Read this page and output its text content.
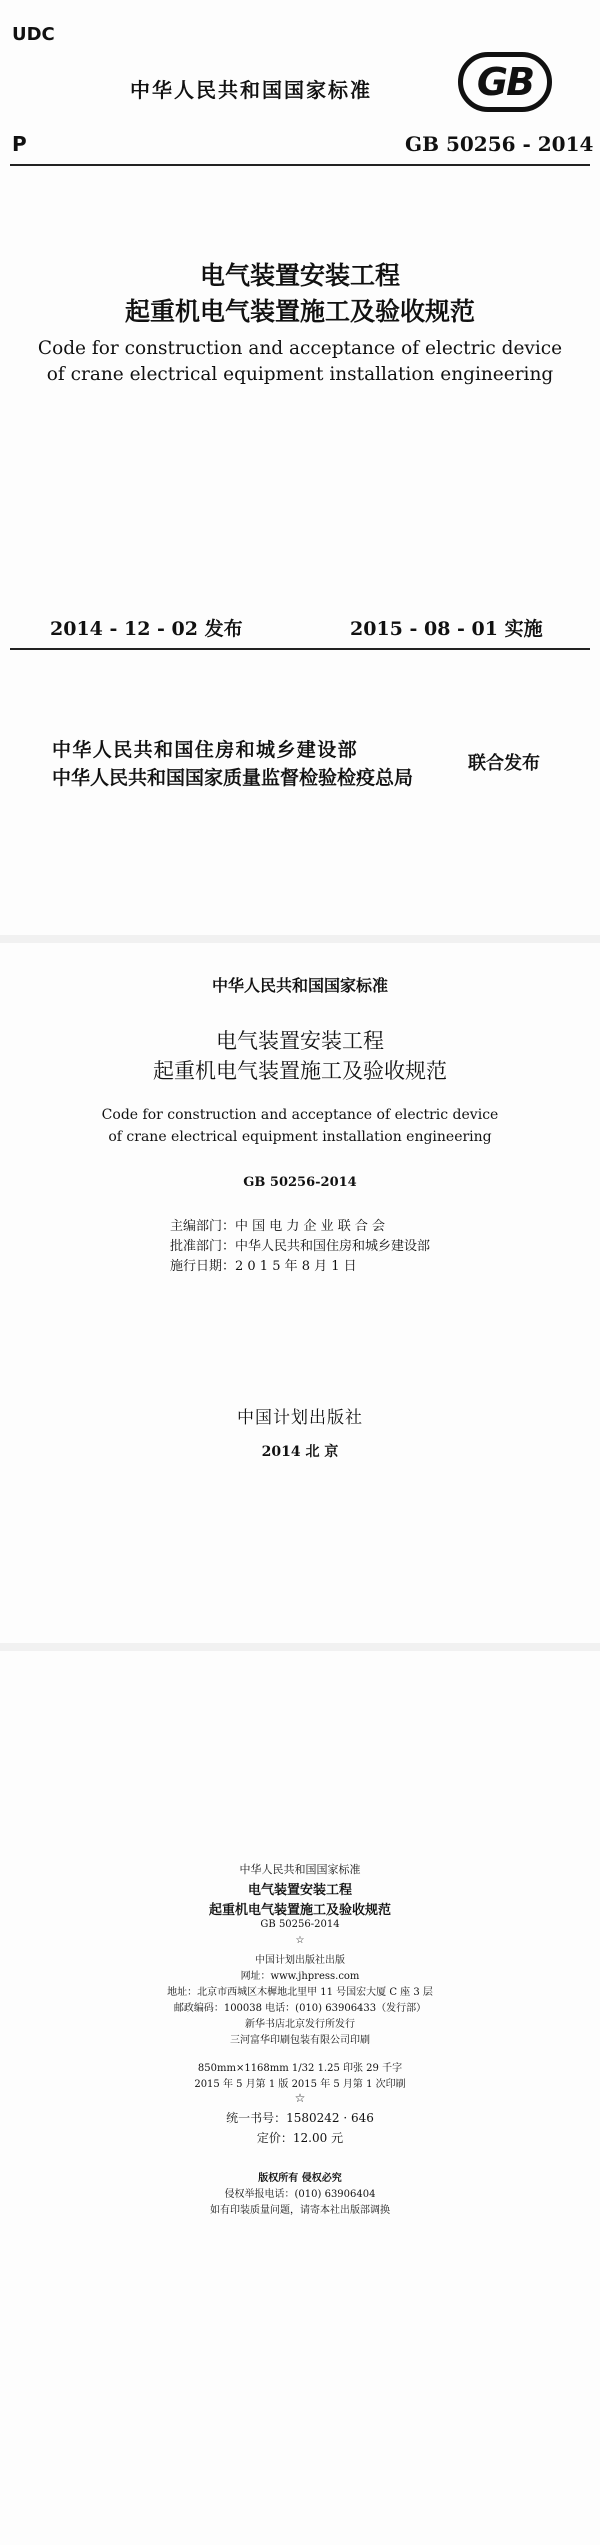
UDC
中华人民共和国国家标准	GB
P	GB 50256 - 2014
电气装置安装工程
起重机电气装置施工及验收规范
Code for construction and acceptance of electric device
of crane electrical equipment installation engineering
2014 - 12 - 02 发布	2015 - 08 - 01 实施
中华人民共和国住房和城乡建设部
中华人民共和国国家质量监督检验检疫总局
联合发布
中华人民共和国国家标准
电气装置安装工程
起重机电气装置施工及验收规范
Code for construction and acceptance of electric device
of crane electrical equipment installation engineering
GB 50256-2014
主编部门：中 国 电 力 企 业 联 合 会
批准部门：中华人民共和国住房和城乡建设部
施行日期：2 0 1 5 年 8 月 1 日
中国计划出版社
2014 北 京
中华人民共和国国家标准
电气装置安装工程
起重机电气装置施工及验收规范
GB 50256-2014
☆
中国计划出版社出版
网址：www.jhpress.com
地址：北京市西城区木樨地北里甲 11 号国宏大厦 C 座 3 层
邮政编码：100038 电话：(010) 63906433（发行部）
新华书店北京发行所发行
三河富华印刷包装有限公司印刷
850mm×1168mm 1/32 1.25 印张 29 千字
2015 年 5 月第 1 版 2015 年 5 月第 1 次印刷
☆
统一书号：1580242 · 646
定价：12.00 元
版权所有 侵权必究
侵权举报电话：(010) 63906404
如有印装质量问题，请寄本社出版部调换
